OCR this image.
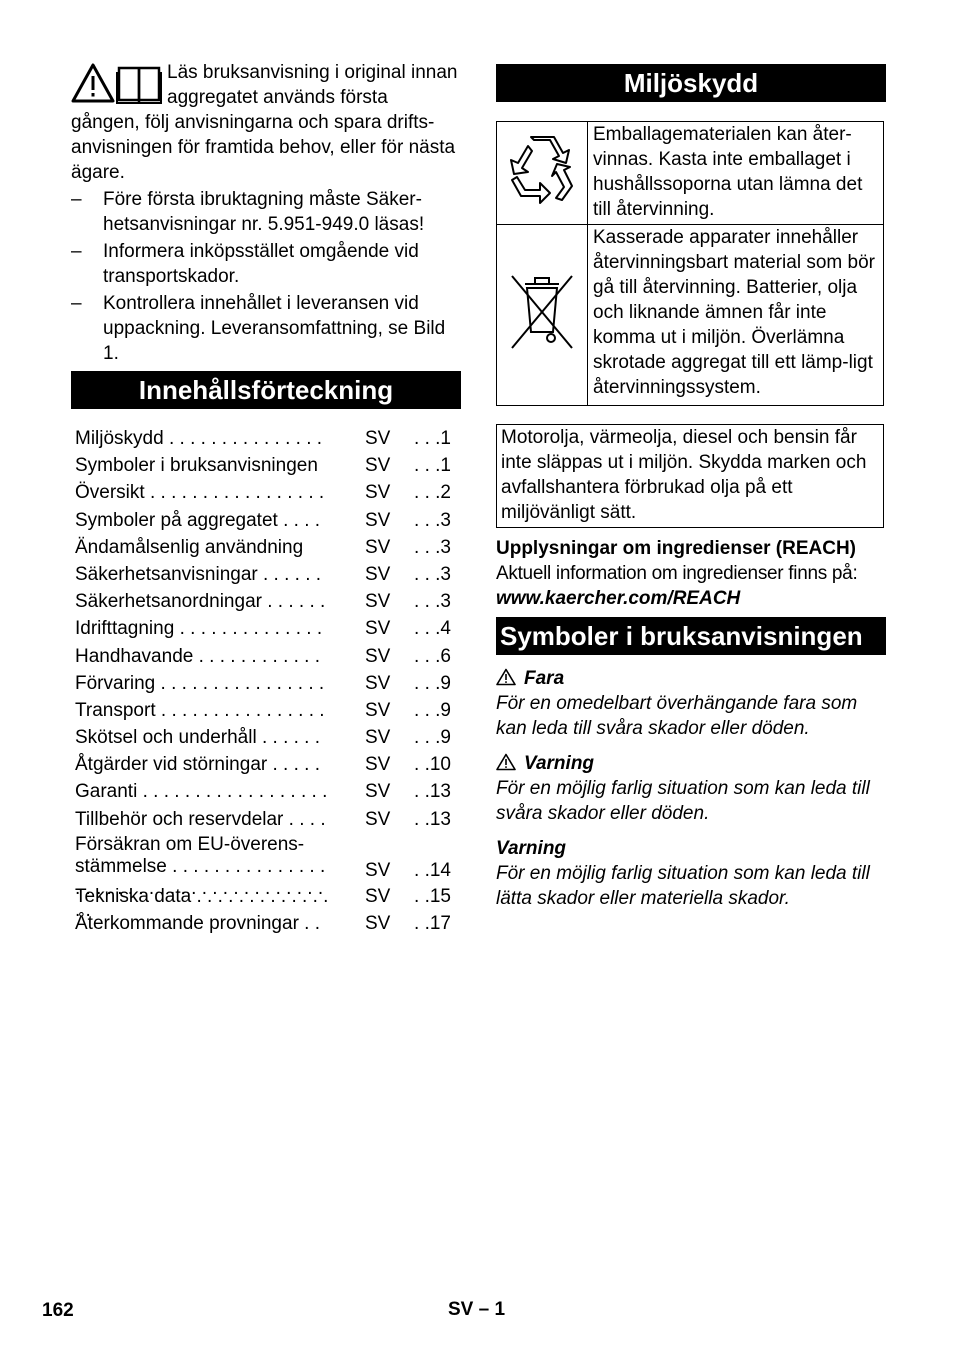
Läs bruksanvisning i original innan aggregatet används första gången, följ anvisningarna och spara drifts-anvisningen för framtida behov, eller för nästa ägare.

– Före första ibruktagning måste Säker-hetsanvisningar nr. 5.951-949.0 läsas!
– Informera inköpsstället omgående vid transportskador.
– Kontrollera innehållet i leveransen vid uppackning. Leveransomfattning, se Bild 1.
Innehållsförteckning
Miljöskydd . . .	SV . . .1
Symboler i bruksanvisningen	SV . . .1
Översikt . . .	SV . . .2
Symboler på aggregatet . . .	SV . . .3
Ändamålsenlig användning	SV . . .3
Säkerhetsanvisningar . . .	SV . . .3
Säkerhetsanordningar . . .	SV . . .3
Idrifttagning . . .	SV . . .4
Handhavande . . .	SV . . .6
Förvaring . . .	SV . . .9
Transport . . .	SV . . .9
Skötsel och underhåll . . .	SV . . .9
Åtgärder vid störningar . . .	SV . .10
Garanti . . .	SV . .13
Tillbehör och reservdelar . . .	SV . .13
Försäkran om EU-överens-stämmelse . . .	SV . .14
Tekniska data . . .	SV . .15
Återkommande provningar . . .	SV . .17
Miljöskydd
	Emballagematerialen kan åter-vinnas. Kasta inte emballaget i hushållssoporna utan lämna det till återvinning.
	Kasserade apparater innehåller återvinningsbart material som bör gå till återvinning. Batterier, olja och liknande ämnen får inte komma ut i miljön. Överlämna skrotade aggregat till ett lämp-ligt återvinningssystem.
Motorolja, värmeolja, diesel och bensin får inte släppas ut i miljön. Skydda marken och avfallshantera förbrukad olja på ett miljövänligt sätt.

Upplysningar om ingredienser (REACH)

Aktuell information om ingredienser finns på:

www.kaercher.com/REACH

Symboler i bruksanvisningen

Fara

För en omedelbart överhängande fara som kan leda till svåra skador eller döden.

Varning

För en möjlig farlig situation som kan leda till svåra skador eller döden.

Varning

För en möjlig farlig situation som kan leda till lätta skador eller materiella skador.

162	SV – 1
